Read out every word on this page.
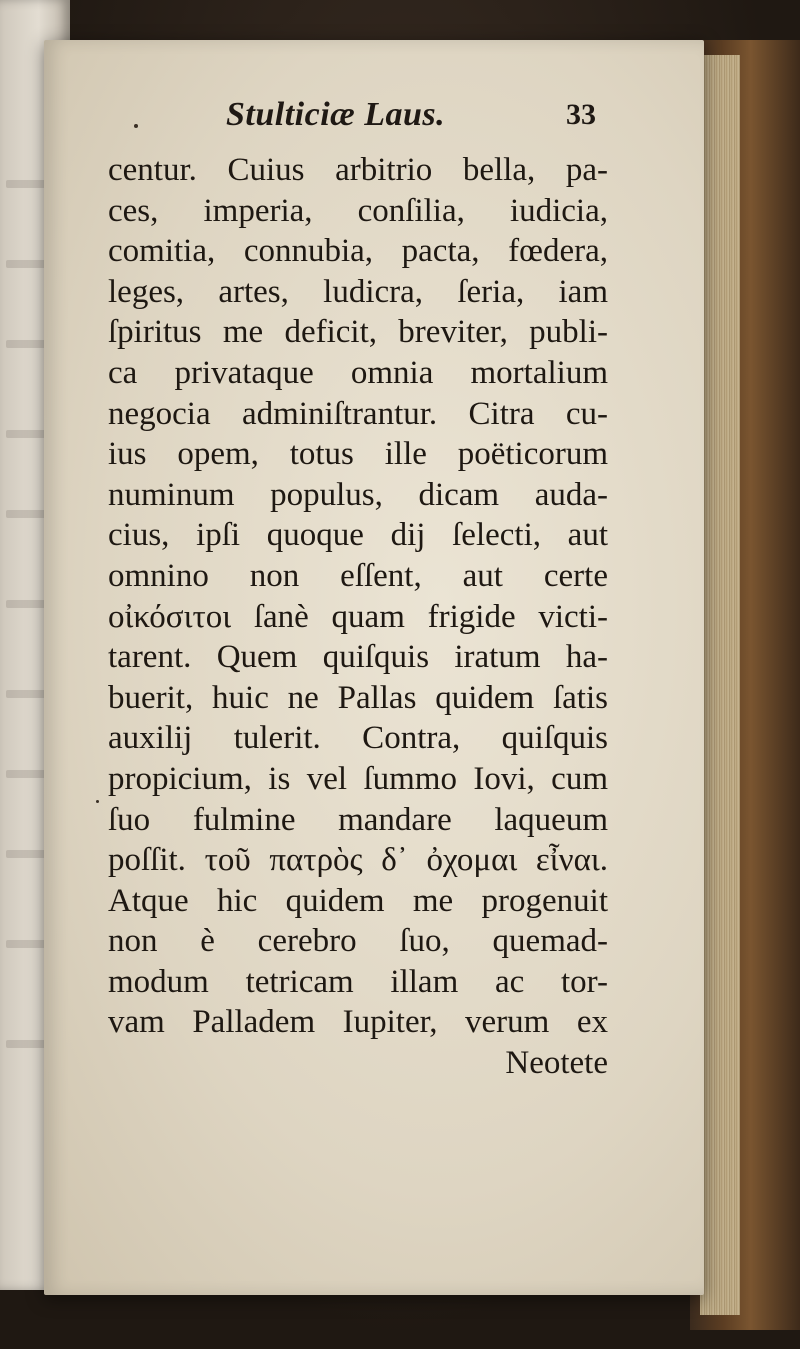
Stulticiæ Laus.	33
centur. Cuius arbitrio bella, pa-
ces, imperia, conſilia, iudicia,
comitia, connubia, pacta, fœdera,
leges, artes, ludicra, ſeria, iam
ſpiritus me deficit, breviter, publi-
ca privataque omnia mortalium
negocia adminiſtrantur. Citra cu-
ius opem, totus ille poëticorum
numinum populus, dicam auda-
cius, ipſi quoque dij ſelecti, aut
omnino non eſſent, aut certe
οἰκόσιτοι ſanè quam frigide victi-
tarent. Quem quiſquis iratum ha-
buerit, huic ne Pallas quidem ſatis
auxilij tulerit. Contra, quiſquis
propicium, is vel ſummo Iovi, cum
ſuo fulmine mandare laqueum
poſſit. τοῦ πατρὸς δ᾽ ὀχομαι εἶναι.
Atque hic quidem me progenuit
non è cerebro ſuo, quemad-
modum tetricam illam ac tor-
vam Palladem Iupiter, verum ex
Neotete
